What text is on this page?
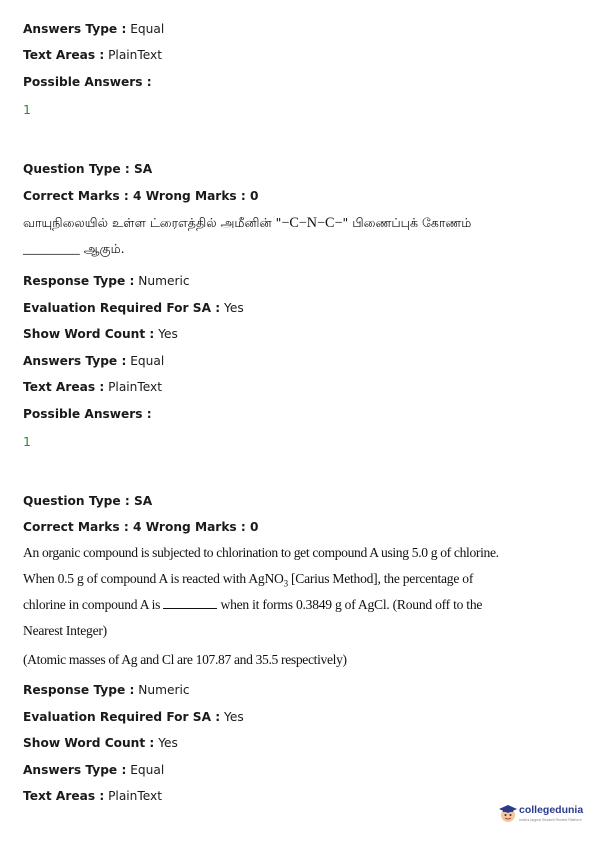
Answers Type : Equal
Text Areas : PlainText
Possible Answers :
1
Question Type : SA
Correct Marks : 4 Wrong Marks : 0
வாயுநிலையில் உள்ள ட்ரைஎத்தில் அமீனின் "−C−N−C−" பிணைப்புக் கோணம்
________ ஆகும்.
Response Type : Numeric
Evaluation Required For SA : Yes
Show Word Count : Yes
Answers Type : Equal
Text Areas : PlainText
Possible Answers :
1
Question Type : SA
Correct Marks : 4 Wrong Marks : 0
An organic compound is subjected to chlorination to get compound A using 5.0 g of chlorine.
When 0.5 g of compound A is reacted with AgNO$_3$ [Carius Method], the percentage of
chlorine in compound A is	when it forms 0.3849 g of AgCl. (Round off to the
Nearest Integer)
(Atomic masses of Ag and Cl are 107.87 and 35.5 respectively)
Response Type : Numeric
Evaluation Required For SA : Yes
Show Word Count : Yes
Answers Type : Equal
Text Areas : PlainText
collegedunia
India's largest Student Review Platform
